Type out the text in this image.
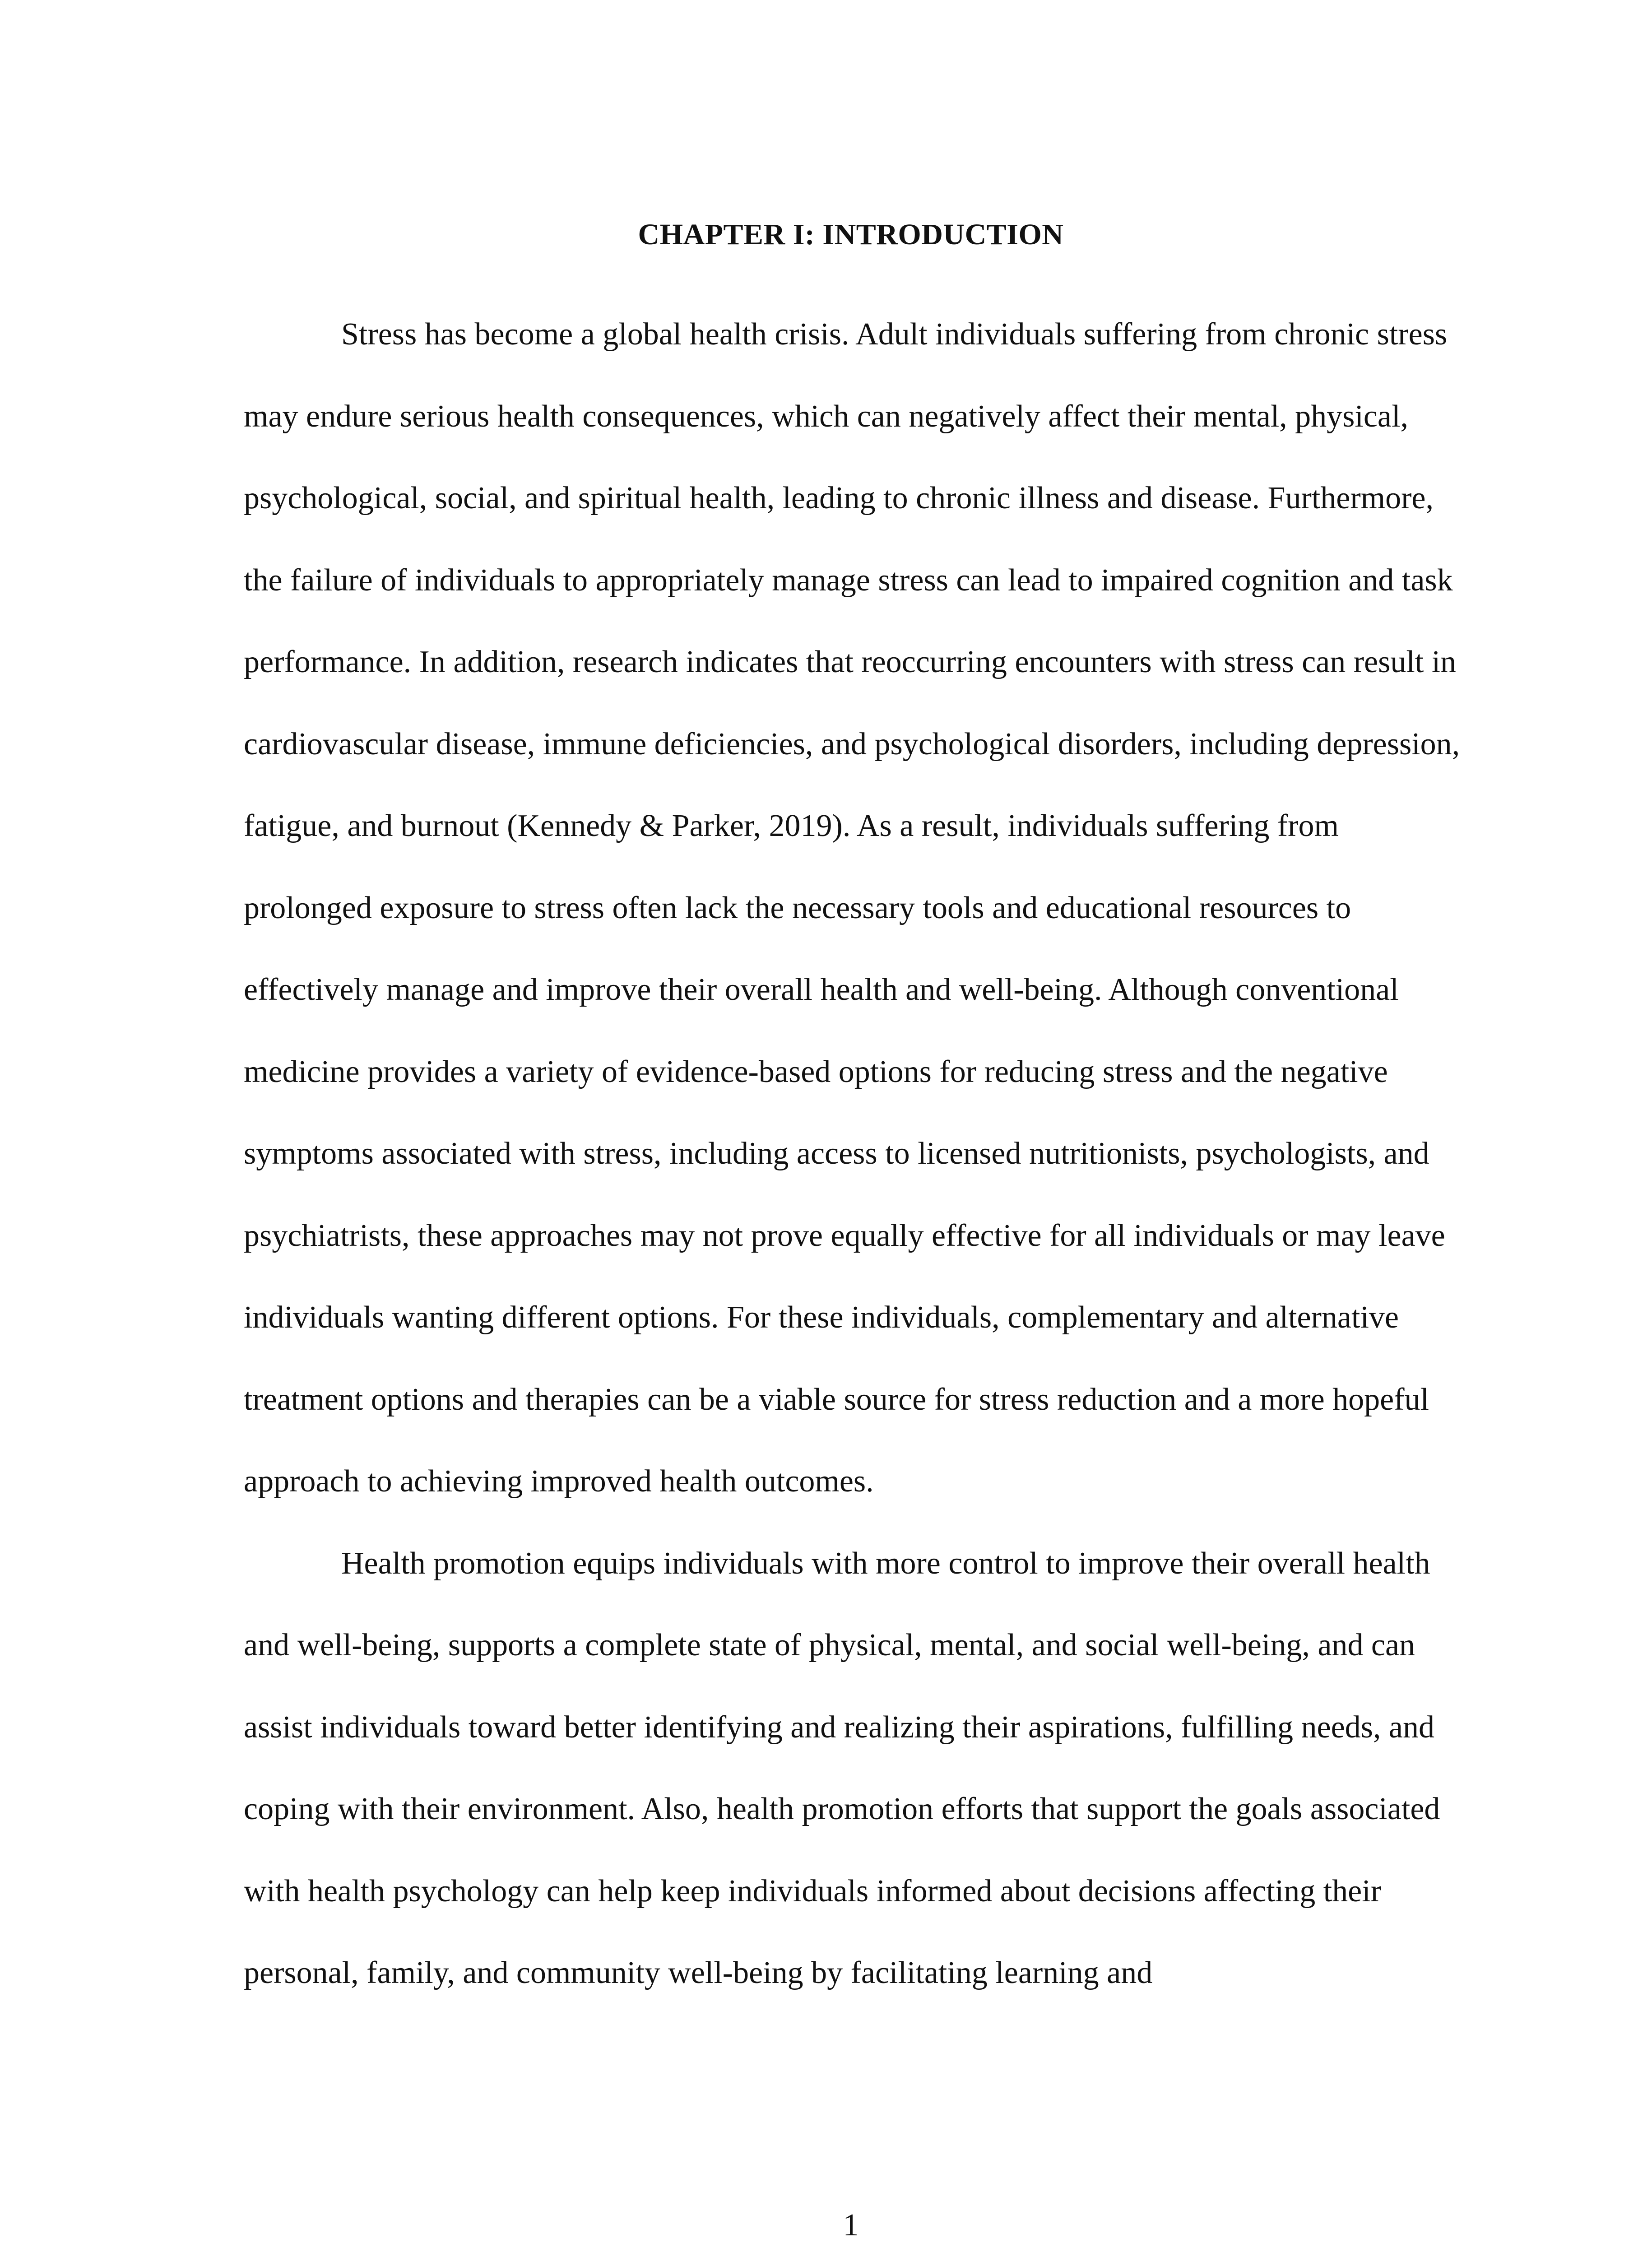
CHAPTER I: INTRODUCTION

Stress has become a global health crisis. Adult individuals suffering from chronic stress may endure serious health consequences, which can negatively affect their mental, physical, psychological, social, and spiritual health, leading to chronic illness and disease. Furthermore, the failure of individuals to appropriately manage stress can lead to impaired cognition and task performance. In addition, research indicates that reoccurring encounters with stress can result in cardiovascular disease, immune deficiencies, and psychological disorders, including depression, fatigue, and burnout (Kennedy & Parker, 2019). As a result, individuals suffering from prolonged exposure to stress often lack the necessary tools and educational resources to effectively manage and improve their overall health and well-being. Although conventional medicine provides a variety of evidence-based options for reducing stress and the negative symptoms associated with stress, including access to licensed nutritionists, psychologists, and psychiatrists, these approaches may not prove equally effective for all individuals or may leave individuals wanting different options. For these individuals, complementary and alternative treatment options and therapies can be a viable source for stress reduction and a more hopeful approach to achieving improved health outcomes.

Health promotion equips individuals with more control to improve their overall health and well-being, supports a complete state of physical, mental, and social well-being, and can assist individuals toward better identifying and realizing their aspirations, fulfilling needs, and coping with their environment. Also, health promotion efforts that support the goals associated with health psychology can help keep individuals informed about decisions affecting their personal, family, and community well-being by facilitating learning and

1
